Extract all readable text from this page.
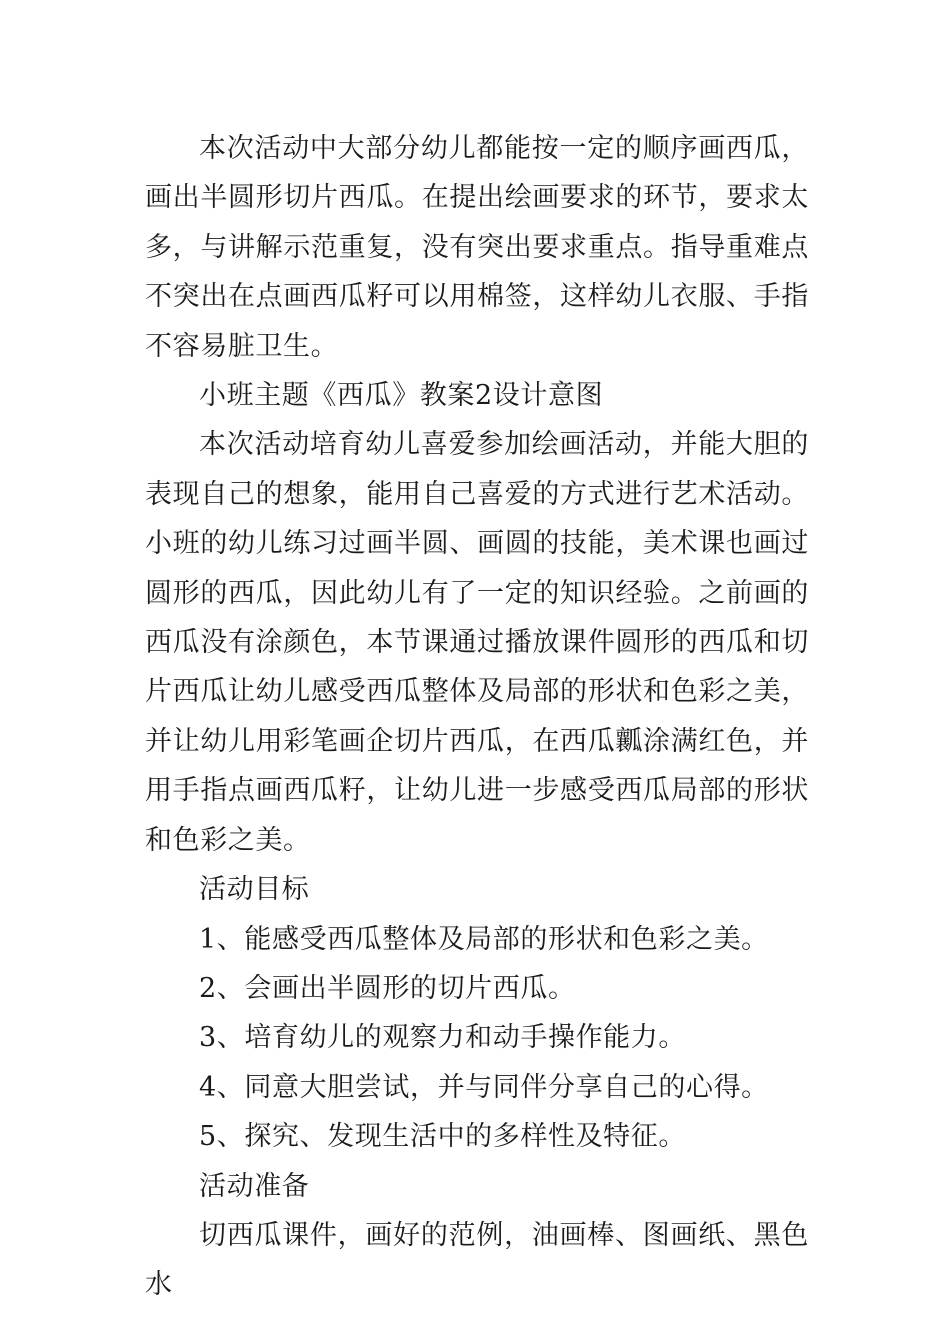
本次活动中大部分幼儿都能按一定的顺序画西瓜，画出半圆形切片西瓜。在提出绘画要求的环节，要求太多，与讲解示范重复，没有突出要求重点。指导重难点不突出在点画西瓜籽可以用棉签，这样幼儿衣服、手指不容易脏卫生。

小班主题《西瓜》教案2设计意图

本次活动培育幼儿喜爱参加绘画活动，并能大胆的表现自己的想象，能用自己喜爱的方式进行艺术活动。小班的幼儿练习过画半圆、画圆的技能，美术课也画过圆形的西瓜，因此幼儿有了一定的知识经验。之前画的西瓜没有涂颜色，本节课通过播放课件圆形的西瓜和切片西瓜让幼儿感受西瓜整体及局部的形状和色彩之美，并让幼儿用彩笔画企切片西瓜，在西瓜瓤涂满红色，并用手指点画西瓜籽，让幼儿进一步感受西瓜局部的形状和色彩之美。

活动目标

1、能感受西瓜整体及局部的形状和色彩之美。

2、会画出半圆形的切片西瓜。

3、培育幼儿的观察力和动手操作能力。

4、同意大胆尝试，并与同伴分享自己的心得。

5、探究、发现生活中的多样性及特征。

活动准备

切西瓜课件，画好的范例，油画棒、图画纸、黑色水
